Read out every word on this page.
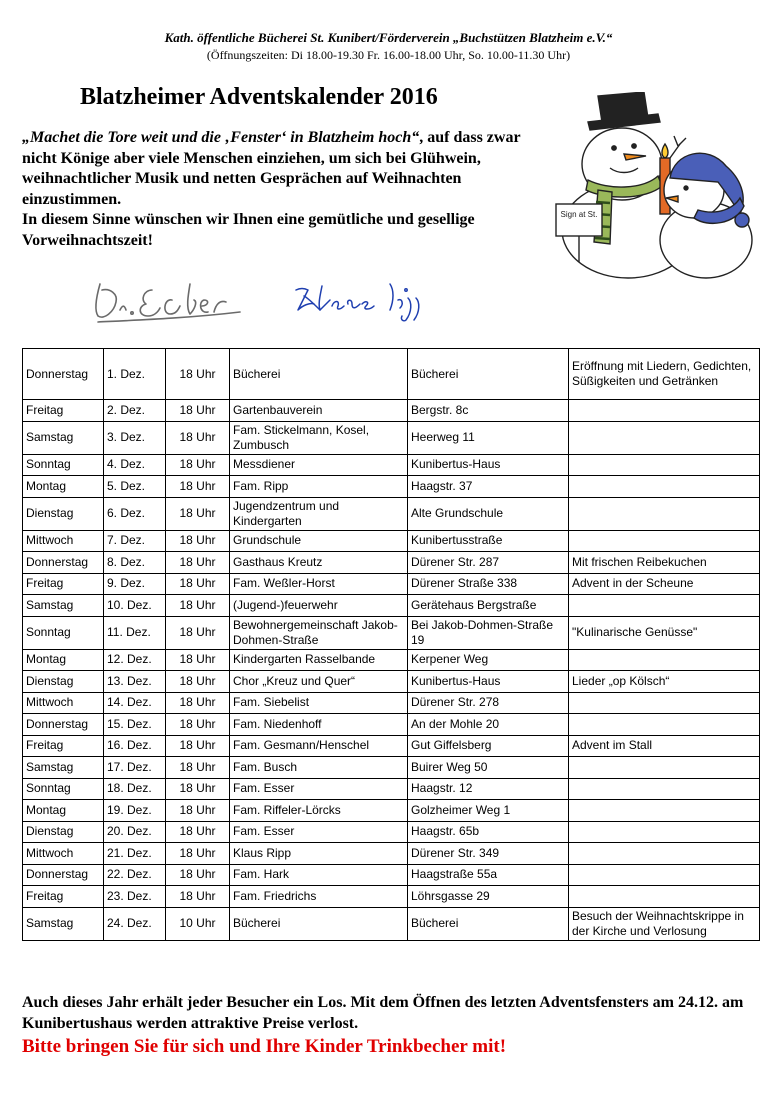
Kath. öffentliche Bücherei St. Kunibert/Förderverein „Buchstützen Blatzheim e.V.“
(Öffnungszeiten: Di 18.00-19.30 Fr. 16.00-18.00 Uhr, So. 10.00-11.30 Uhr)
Blatzheimer Adventskalender 2016

„Machet die Tore weit und die ‚Fenster‘ in Blatzheim hoch“, auf dass zwar nicht Könige aber viele Menschen einziehen, um sich bei Glühwein, weihnachtlicher Musik und netten Gesprächen auf Weihnachten einzustimmen.

In diesem Sinne wünschen wir Ihnen eine gemütliche und gesellige Vorweihnachtszeit!

Sign at St.
Donnerstag	1. Dez.	18 Uhr	Bücherei	Bücherei	Eröffnung mit Liedern, Gedichten, Süßigkeiten und Getränken
Freitag	2. Dez.	18 Uhr	Gartenbauverein	Bergstr. 8c	
Samstag	3. Dez.	18 Uhr	Fam. Stickelmann, Kosel, Zumbusch	Heerweg 11	
Sonntag	4. Dez.	18 Uhr	Messdiener	Kunibertus-Haus	
Montag	5. Dez.	18 Uhr	Fam. Ripp	Haagstr. 37	
Dienstag	6. Dez.	18 Uhr	Jugendzentrum und Kindergarten	Alte Grundschule	
Mittwoch	7. Dez.	18 Uhr	Grundschule	Kunibertusstraße	
Donnerstag	8. Dez.	18 Uhr	Gasthaus Kreutz	Dürener Str. 287	Mit frischen Reibekuchen
Freitag	9. Dez.	18 Uhr	Fam. Weßler-Horst	Dürener Straße 338	Advent in der Scheune
Samstag	10. Dez.	18 Uhr	(Jugend-)feuerwehr	Gerätehaus Bergstraße	
Sonntag	11. Dez.	18 Uhr	Bewohnergemeinschaft Jakob-Dohmen-Straße	Bei Jakob-Dohmen-Straße 19	"Kulinarische Genüsse"
Montag	12. Dez.	18 Uhr	Kindergarten Rasselbande	Kerpener Weg	
Dienstag	13. Dez.	18 Uhr	Chor „Kreuz und Quer“	Kunibertus-Haus	Lieder „op Kölsch“
Mittwoch	14. Dez.	18 Uhr	Fam. Siebelist	Dürener Str. 278	
Donnerstag	15. Dez.	18 Uhr	Fam. Niedenhoff	An der Mohle 20	
Freitag	16. Dez.	18 Uhr	Fam. Gesmann/Henschel	Gut Giffelsberg	Advent im Stall
Samstag	17. Dez.	18 Uhr	Fam. Busch	Buirer Weg 50	
Sonntag	18. Dez.	18 Uhr	Fam. Esser	Haagstr. 12	
Montag	19. Dez.	18 Uhr	Fam. Riffeler-Lörcks	Golzheimer Weg 1	
Dienstag	20. Dez.	18 Uhr	Fam. Esser	Haagstr. 65b	
Mittwoch	21. Dez.	18 Uhr	Klaus Ripp	Dürener Str. 349	
Donnerstag	22. Dez.	18 Uhr	Fam. Hark	Haagstraße 55a	
Freitag	23. Dez.	18 Uhr	Fam. Friedrichs	Löhrsgasse 29	
Samstag	24. Dez.	10 Uhr	Bücherei	Bücherei	Besuch der Weihnachtskrippe in der Kirche und Verlosung

Auch dieses Jahr erhält jeder Besucher ein Los. Mit dem Öffnen des letzten Adventsfensters am 24.12. am Kunibertushaus werden attraktive Preise verlost.

Bitte bringen Sie für sich und Ihre Kinder Trinkbecher mit!
